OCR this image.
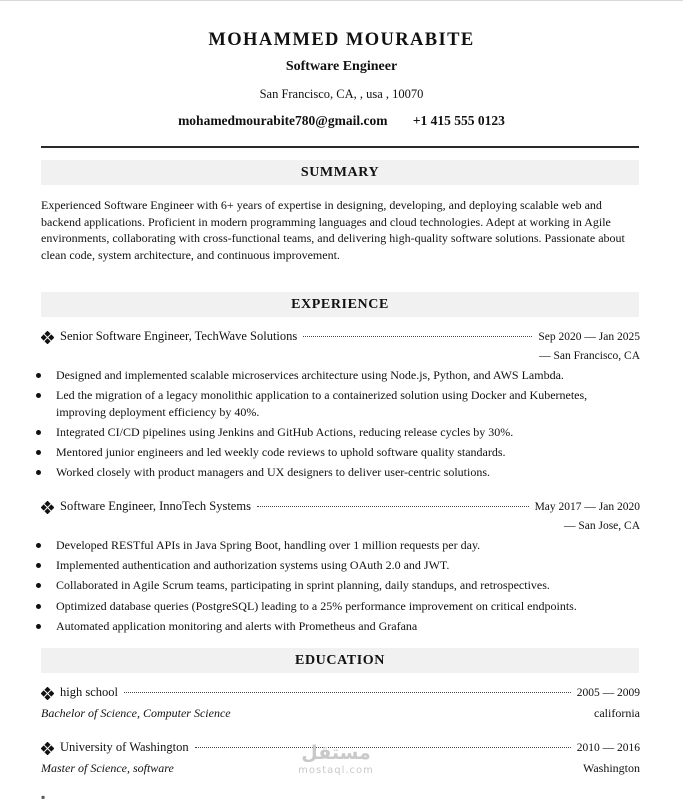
MOHAMMED MOURABITE
Software Engineer
San Francisco, CA, , usa , 10070
mohamedmourabite780@gmail.com +1 415 555 0123
SUMMARY
Experienced Software Engineer with 6+ years of expertise in designing, developing, and deploying scalable web and backend applications. Proficient in modern programming languages and cloud technologies. Adept at working in Agile environments, collaborating with cross-functional teams, and delivering high-quality software solutions. Passionate about clean code, system architecture, and continuous improvement.
EXPERIENCE
Senior Software Engineer, TechWave Solutions	Sep 2020 — Jan 2025
— San Francisco, CA
Designed and implemented scalable microservices architecture using Node.js, Python, and AWS Lambda.
Led the migration of a legacy monolithic application to a containerized solution using Docker and Kubernetes, improving deployment efficiency by 40%.
Integrated CI/CD pipelines using Jenkins and GitHub Actions, reducing release cycles by 30%.
Mentored junior engineers and led weekly code reviews to uphold software quality standards.
Worked closely with product managers and UX designers to deliver user-centric solutions.
Software Engineer, InnoTech Systems	May 2017 — Jan 2020
— San Jose, CA
Developed RESTful APIs in Java Spring Boot, handling over 1 million requests per day.
Implemented authentication and authorization systems using OAuth 2.0 and JWT.
Collaborated in Agile Scrum teams, participating in sprint planning, daily standups, and retrospectives.
Optimized database queries (PostgreSQL) leading to a 25% performance improvement on critical endpoints.
Automated application monitoring and alerts with Prometheus and Grafana
EDUCATION
high school	2005 — 2009
Bachelor of Science, Computer Science	california
University of Washington	2010 — 2016
Master of Science, software	Washington
مستقل
mostaql.com
▪
